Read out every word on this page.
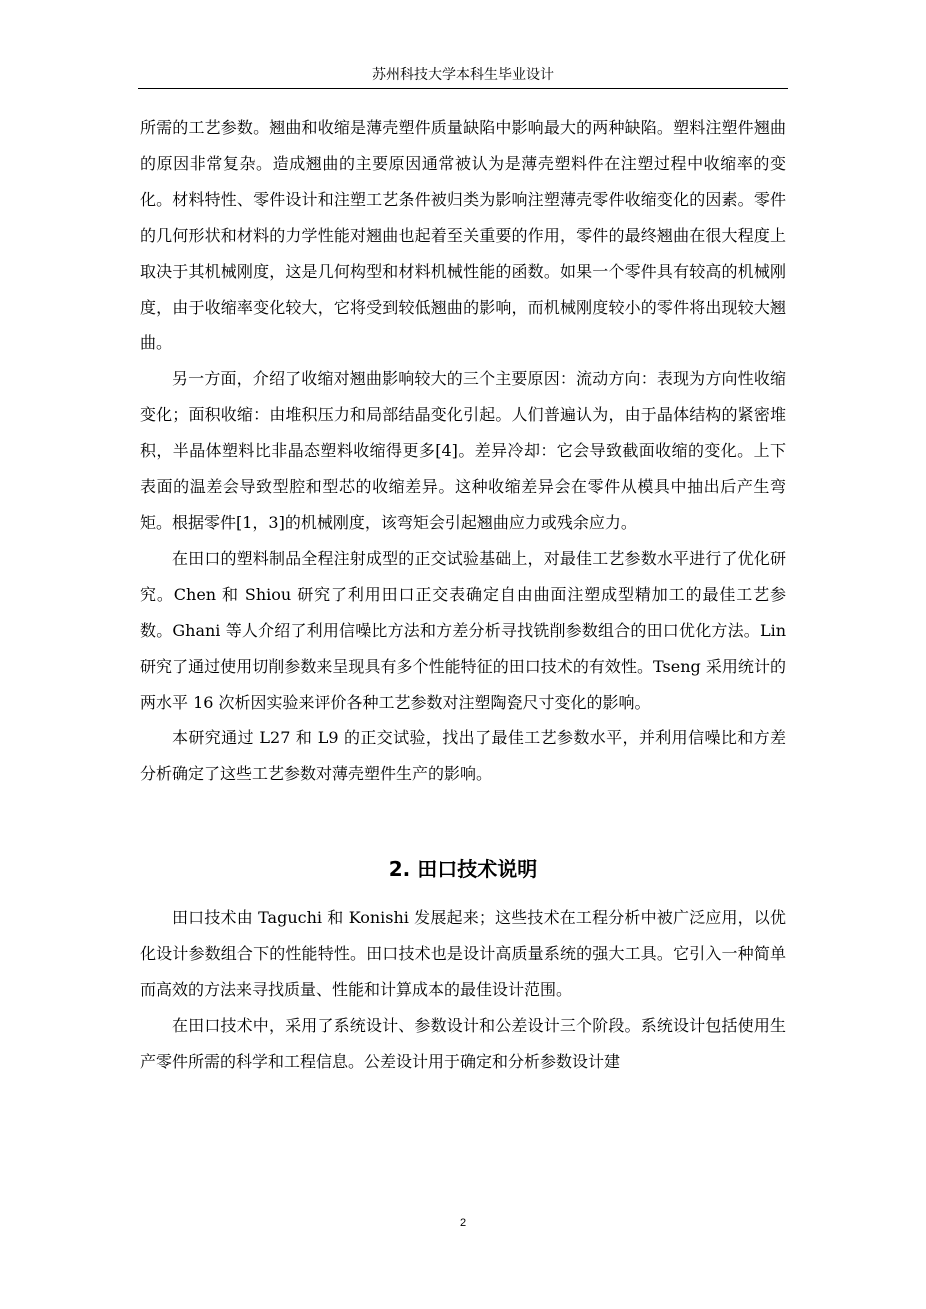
苏州科技大学本科生毕业设计

所需的工艺参数。翘曲和收缩是薄壳塑件质量缺陷中影响最大的两种缺陷。塑料注塑件翘曲的原因非常复杂。造成翘曲的主要原因通常被认为是薄壳塑料件在注塑过程中收缩率的变化。材料特性、零件设计和注塑工艺条件被归类为影响注塑薄壳零件收缩变化的因素。零件的几何形状和材料的力学性能对翘曲也起着至关重要的作用，零件的最终翘曲在很大程度上取决于其机械刚度，这是几何构型和材料机械性能的函数。如果一个零件具有较高的机械刚度，由于收缩率变化较大，它将受到较低翘曲的影响，而机械刚度较小的零件将出现较大翘曲。

另一方面，介绍了收缩对翘曲影响较大的三个主要原因：流动方向：表现为方向性收缩变化；面积收缩：由堆积压力和局部结晶变化引起。人们普遍认为，由于晶体结构的紧密堆积，半晶体塑料比非晶态塑料收缩得更多[4]。差异冷却：它会导致截面收缩的变化。上下表面的温差会导致型腔和型芯的收缩差异。这种收缩差异会在零件从模具中抽出后产生弯矩。根据零件[1，3]的机械刚度，该弯矩会引起翘曲应力或残余应力。

在田口的塑料制品全程注射成型的正交试验基础上，对最佳工艺参数水平进行了优化研究。Chen 和 Shiou 研究了利用田口正交表确定自由曲面注塑成型精加工的最佳工艺参数。Ghani 等人介绍了利用信噪比方法和方差分析寻找铣削参数组合的田口优化方法。Lin 研究了通过使用切削参数来呈现具有多个性能特征的田口技术的有效性。Tseng 采用统计的两水平 16 次析因实验来评价各种工艺参数对注塑陶瓷尺寸变化的影响。

本研究通过 L27 和 L9 的正交试验，找出了最佳工艺参数水平，并利用信噪比和方差分析确定了这些工艺参数对薄壳塑件生产的影响。

2. 田口技术说明

田口技术由 Taguchi 和 Konishi 发展起来；这些技术在工程分析中被广泛应用，以优化设计参数组合下的性能特性。田口技术也是设计高质量系统的强大工具。它引入一种简单而高效的方法来寻找质量、性能和计算成本的最佳设计范围。

在田口技术中，采用了系统设计、参数设计和公差设计三个阶段。系统设计包括使用生产零件所需的科学和工程信息。公差设计用于确定和分析参数设计建

2
